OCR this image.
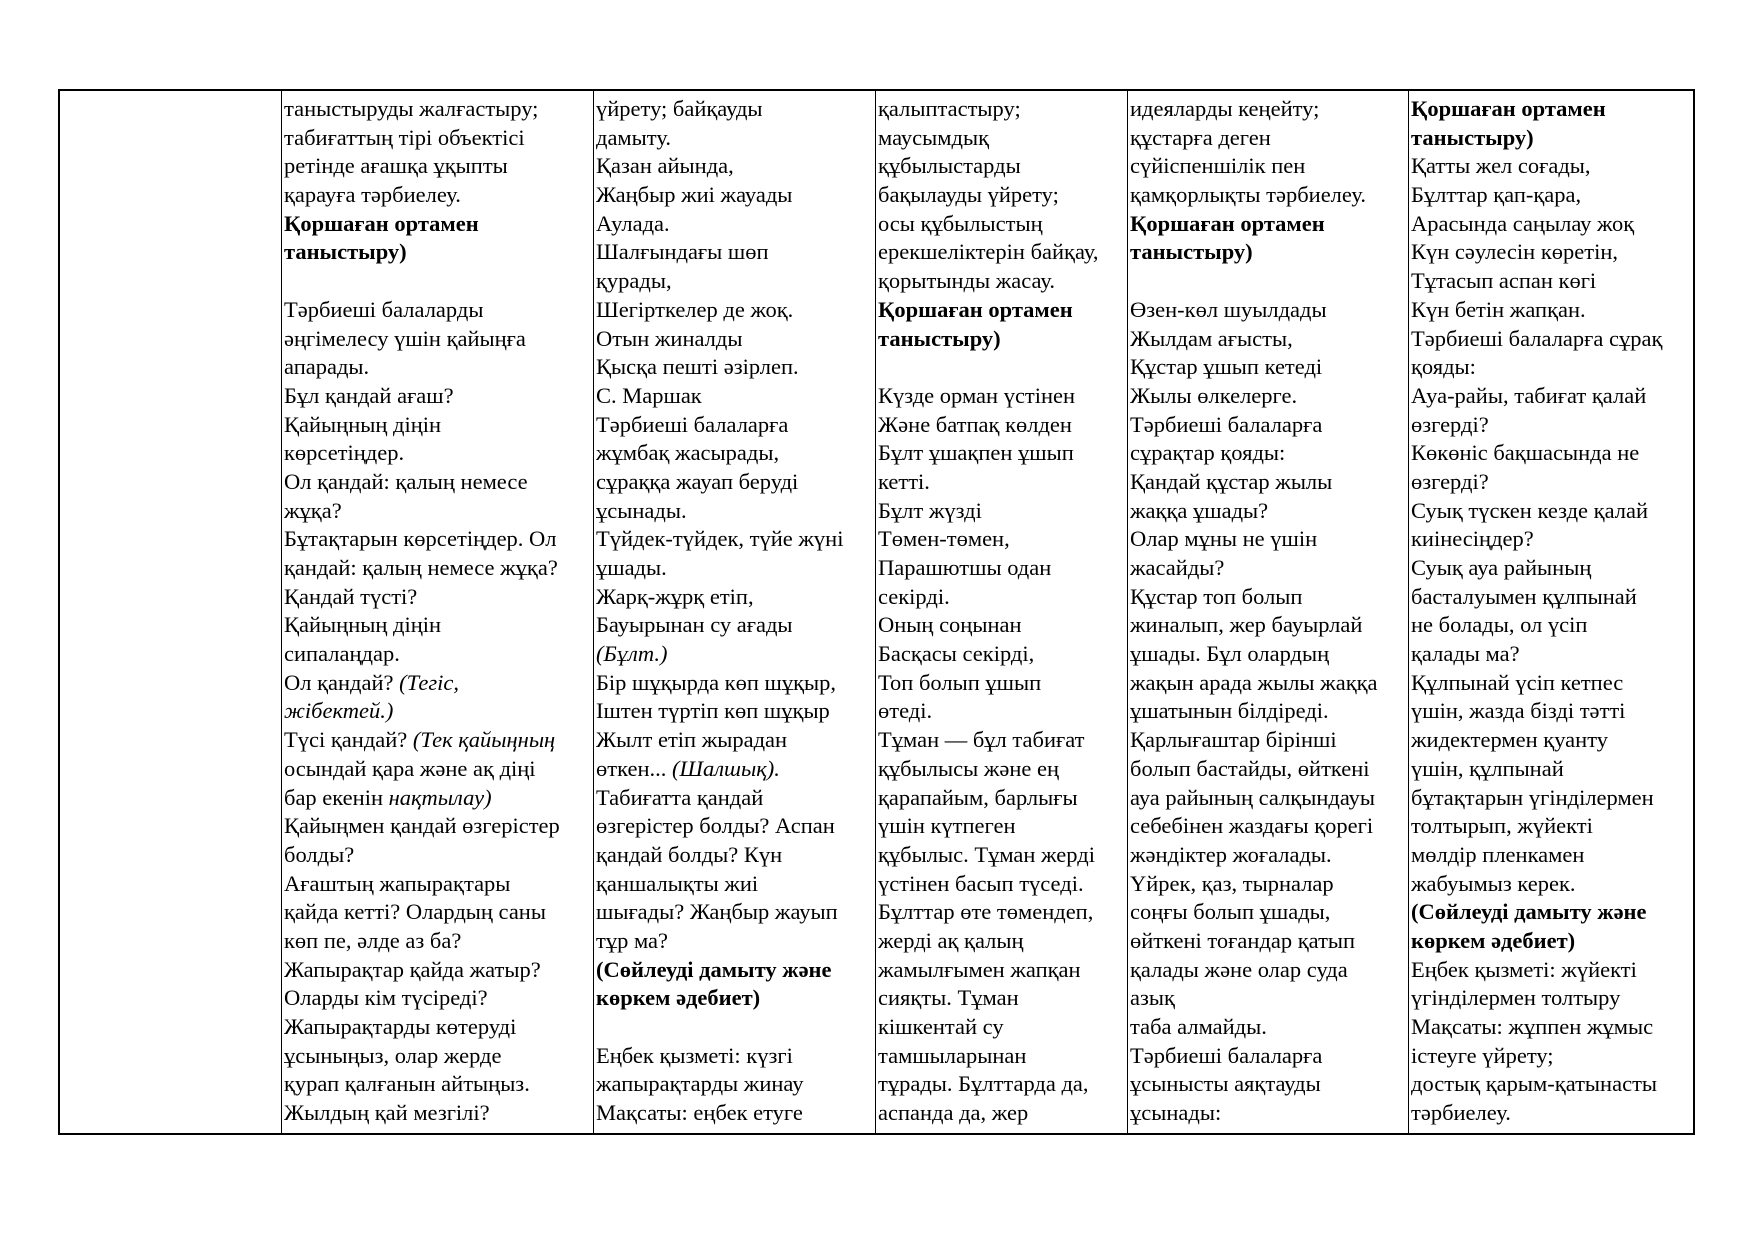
таныстыруды жалғастыру;
табиғаттың тірі объектісі
ретінде ағашқа ұқыпты
қарауға тәрбиелеу.
Қоршаған ортамен
таныстыру)
Тәрбиеші балаларды
әңгімелесу үшін қайыңға
апарады.
Бұл қандай ағаш?
Қайыңның діңін
көрсетіңдер.
Ол қандай: қалың немесе
жұқа?
Бұтақтарын көрсетіңдер. Ол
қандай: қалың немесе жұқа?
Қандай түсті?
Қайыңның діңін
сипалаңдар.
Ол қандай? (Тегіс,
жібектей.)
Түсі қандай? (Тек қайыңның
осындай қара және ақ діңі
бар екенін нақтылау)
Қайыңмен қандай өзгерістер
болды?
Ағаштың жапырақтары
қайда кетті? Олардың саны
көп пе, әлде аз ба?
Жапырақтар қайда жатыр?
Оларды кім түсіреді?
Жапырақтарды көтеруді
ұсыныңыз, олар жерде
қурап қалғанын айтыңыз.
Жылдың қай мезгілі?
үйрету; байқауды
дамыту.
Қазан айында,
Жаңбыр жиі жауады
Аулада.
Шалғындағы шөп
қурады,
Шегірткелер де жоқ.
Отын жиналды
Қысқа пешті әзірлеп.
С. Маршак
Тәрбиеші балаларға
жұмбақ жасырады,
сұраққа жауап беруді
ұсынады.
Түйдек-түйдек, түйе жүні
ұшады.
Жарқ-жұрқ етіп,
Бауырынан су ағады
(Бұлт.)
Бір шұқырда көп шұқыр,
Іштен түртіп көп шұқыр
Жылт етіп жырадан
өткен... (Шалшық).
Табиғатта қандай
өзгерістер болды? Аспан
қандай болды? Күн
қаншалықты жиі
шығады? Жаңбыр жауып
тұр ма?
(Сөйлеуді дамыту және
көркем әдебиет)
Еңбек қызметі: күзгі
жапырақтарды жинау
Мақсаты: еңбек етуге
қалыптастыру;
маусымдық
құбылыстарды
бақылауды үйрету;
осы құбылыстың
ерекшеліктерін байқау,
қорытынды жасау.
Қоршаған ортамен
таныстыру)
Күзде орман үстінен
Және батпақ көлден
Бұлт ұшақпен ұшып
кетті.
Бұлт жүзді
Төмен-төмен,
Парашютшы одан
секірді.
Оның соңынан
Басқасы секірді,
Топ болып ұшып
өтеді.
Тұман — бұл табиғат
құбылысы және ең
қарапайым, барлығы
үшін күтпеген
құбылыс. Тұман жерді
үстінен басып түседі.
Бұлттар өте төмендеп,
жерді ақ қалың
жамылғымен жапқан
сияқты. Тұман
кішкентай су
тамшыларынан
тұрады. Бұлттарда да,
аспанда да, жер
идеяларды кеңейту;
құстарға деген
сүйіспеншілік пен
қамқорлықты тәрбиелеу.
Қоршаған ортамен
таныстыру)
Өзен-көл шуылдады
Жылдам ағысты,
Құстар ұшып кетеді
Жылы өлкелерге.
Тәрбиеші балаларға
сұрақтар қояды:
Қандай құстар жылы
жаққа ұшады?
Олар мұны не үшін
жасайды?
Құстар топ болып
жиналып, жер бауырлай
ұшады. Бұл олардың
жақын арада жылы жаққа
ұшатынын білдіреді.
Қарлығаштар бірінші
болып бастайды, өйткені
ауа райының салқындауы
себебінен жаздағы қорегі
жәндіктер жоғалады.
Үйрек, қаз, тырналар
соңғы болып ұшады,
өйткені тоғандар қатып
қалады және олар суда
азық
таба алмайды.
Тәрбиеші балаларға
ұсынысты аяқтауды
ұсынады:
Қоршаған ортамен
таныстыру)
Қатты жел соғады,
Бұлттар қап-қара,
Арасында саңылау жоқ
Күн сәулесін көретін,
Тұтасып аспан көгі
Күн бетін жапқан.
Тәрбиеші балаларға сұрақ
қояды:
Ауа-райы, табиғат қалай
өзгерді?
Көкөніс бақшасында не
өзгерді?
Суық түскен кезде қалай
киінесіңдер?
Суық ауа райының
басталуымен құлпынай
не болады, ол үсіп
қалады ма?
Құлпынай үсіп кетпес
үшін, жазда бізді тәтті
жидектермен қуанту
үшін, құлпынай
бұтақтарын үгінділермен
толтырып, жүйекті
мөлдір пленкамен
жабуымыз керек.
(Сөйлеуді дамыту және
көркем әдебиет)
Еңбек қызметі: жүйекті
үгінділермен толтыру
Мақсаты: жұппен жұмыс
істеуге үйрету;
достық қарым-қатынасты
тәрбиелеу.
